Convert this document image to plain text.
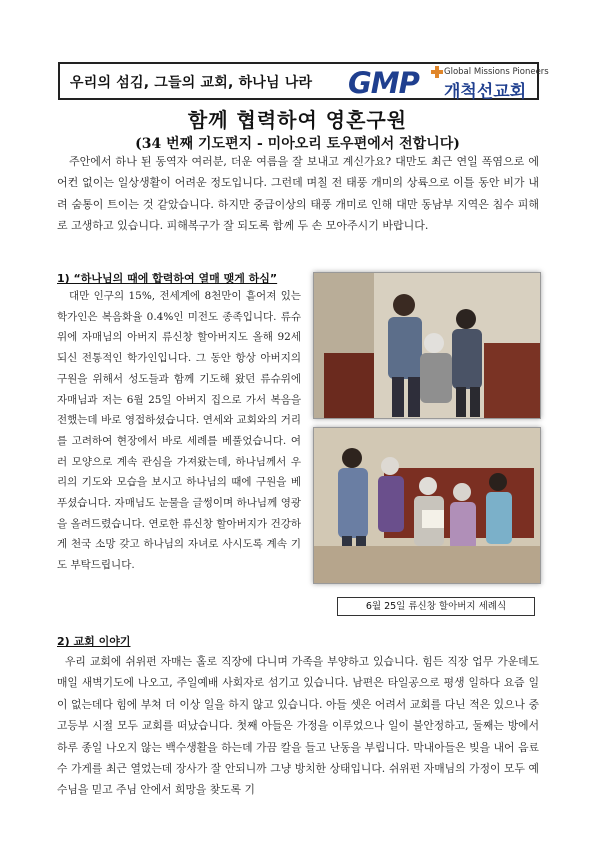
우리의 섬김, 그들의 교회, 하나님 나라 GMP	Global Missions Pioneers
개척선교회
함께 협력하여 영혼구원
(34 번째 기도편지 - 미아오리 토우편에서 전합니다)
주안에서 하나 된 동역자 여러분, 더운 여름을 잘 보내고 계신가요? 대만도 최근 연일 폭염으로 에어컨 없이는 일상생활이 어려운 정도입니다. 그런데 며칠 전 태풍 개미의 상륙으로 이틀 동안 비가 내려 숨통이 트이는 것 같았습니다. 하지만 중급이상의 태풍 개미로 인해 대만 동남부 지역은 침수 피해로 고생하고 있습니다. 피해복구가 잘 되도록 함께 두 손 모아주시기 바랍니다.
1) “하나님의 때에 합력하여 열매 맺게 하심”
대만 인구의 15%, 전세계에 8천만이 흩어져 있는 학가인은 복음화율 0.4%인 미전도 종족입니다. 류슈위에 자매님의 아버지 류신창 할아버지도 올해 92세 되신 전통적인 학가인입니다. 그 동안 항상 아버지의 구원을 위해서 성도들과 함께 기도해 왔던 류슈위에 자매님과 저는 6월 25일 아버지 집으로 가서 복음을 전했는데 바로 영접하셨습니다. 연세와 교회와의 거리를 고려하여 현장에서 바로 세례를 베풀었습니다. 여러 모양으로 계속 관심을 가져왔는데, 하나님께서 우리의 기도와 모습을 보시고 하나님의 때에 구원을 베푸셨습니다. 자매님도 눈물을 글썽이며 하나님께 영광을 올려드렸습니다. 연로한 류신창 할아버지가 건강하게 천국 소망 갖고 하나님의 자녀로 사시도록 계속 기도 부탁드립니다.
6월 25일 류신창 할아버지 세례식
2) 교회 이야기
우리 교회에 쉬위펀 자매는 홀로 직장에 다니며 가족을 부양하고 있습니다. 힘든 직장 업무 가운데도 매일 새벽기도에 나오고, 주일예배 사회자로 섬기고 있습니다. 남편은 타일공으로 평생 일하다 요즘 일이 없는데다 힘에 부쳐 더 이상 일을 하지 않고 있습니다. 아들 셋은 어려서 교회를 다닌 적은 있으나 중고등부 시절 모두 교회를 떠났습니다. 첫째 아들은 가정을 이루었으나 일이 불안정하고, 둘째는 방에서 하루 종일 나오지 않는 백수생활을 하는데 가끔 칼을 들고 난동을 부립니다. 막내아들은 빚을 내어 음료수 가게를 최근 열었는데 장사가 잘 안되니까 그냥 방치한 상태입니다. 쉬위펀 자매님의 가정이 모두 예수님을 믿고 주님 안에서 희망을 찾도록 기
